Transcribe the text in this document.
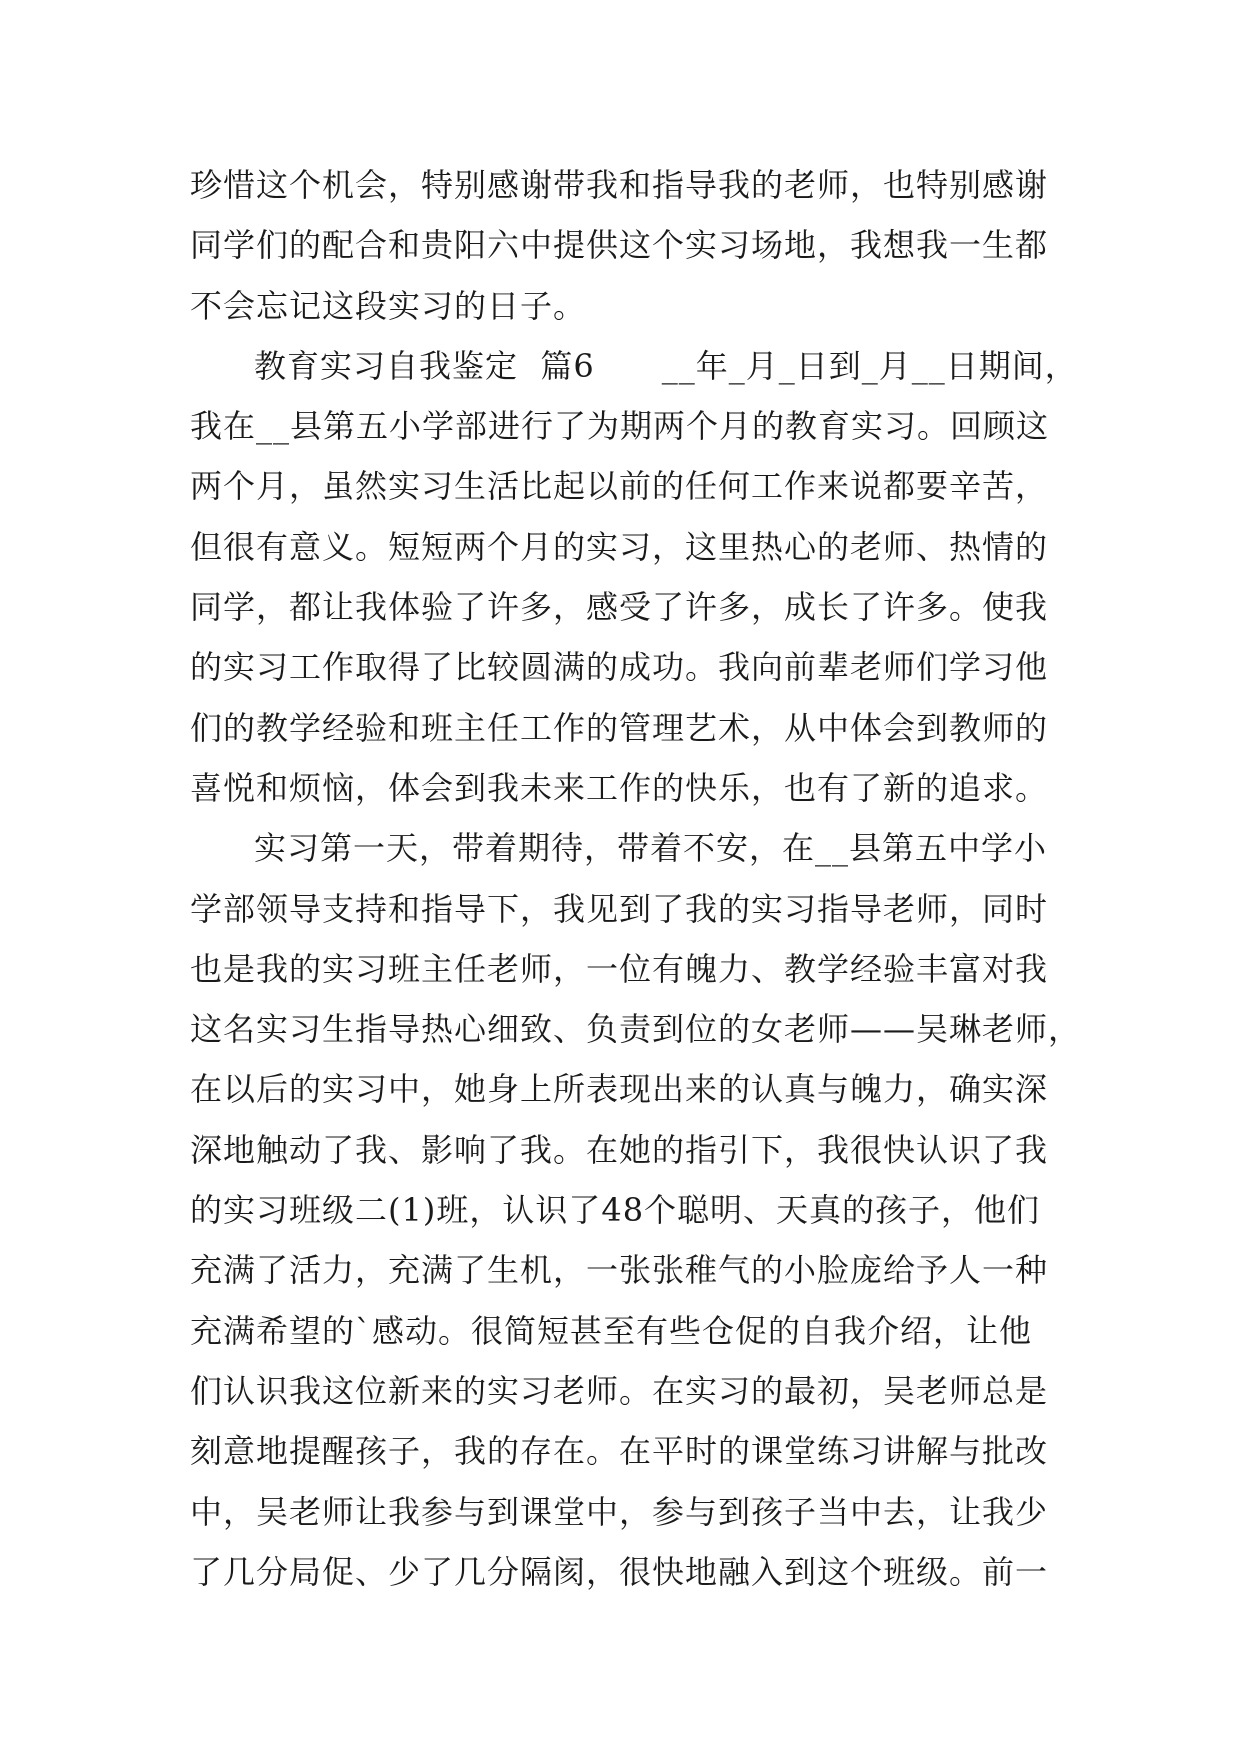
珍惜这个机会，特别感谢带我和指导我的老师，也特别感谢
同学们的配合和贵阳六中提供这个实习场地，我想我一生都
不会忘记这段实习的日子。
教育实习自我鉴定  篇6      __年_月_日到_月__日期间，
我在__县第五小学部进行了为期两个月的教育实习。回顾这
两个月，虽然实习生活比起以前的任何工作来说都要辛苦，
但很有意义。短短两个月的实习，这里热心的老师、热情的
同学，都让我体验了许多，感受了许多，成长了许多。使我
的实习工作取得了比较圆满的成功。我向前辈老师们学习他
们的教学经验和班主任工作的管理艺术，从中体会到教师的
喜悦和烦恼，体会到我未来工作的快乐，也有了新的追求。
实习第一天，带着期待，带着不安，在__县第五中学小
学部领导支持和指导下，我见到了我的实习指导老师，同时
也是我的实习班主任老师，一位有魄力、教学经验丰富对我
这名实习生指导热心细致、负责到位的女老师——吴琳老师，
在以后的实习中，她身上所表现出来的认真与魄力，确实深
深地触动了我、影响了我。在她的指引下，我很快认识了我
的实习班级二(1)班，认识了48个聪明、天真的孩子，他们
充满了活力，充满了生机，一张张稚气的小脸庞给予人一种
充满希望的`感动。很简短甚至有些仓促的自我介绍，让他
们认识我这位新来的实习老师。在实习的最初，吴老师总是
刻意地提醒孩子，我的存在。在平时的课堂练习讲解与批改
中，吴老师让我参与到课堂中，参与到孩子当中去，让我少
了几分局促、少了几分隔阂，很快地融入到这个班级。前一
